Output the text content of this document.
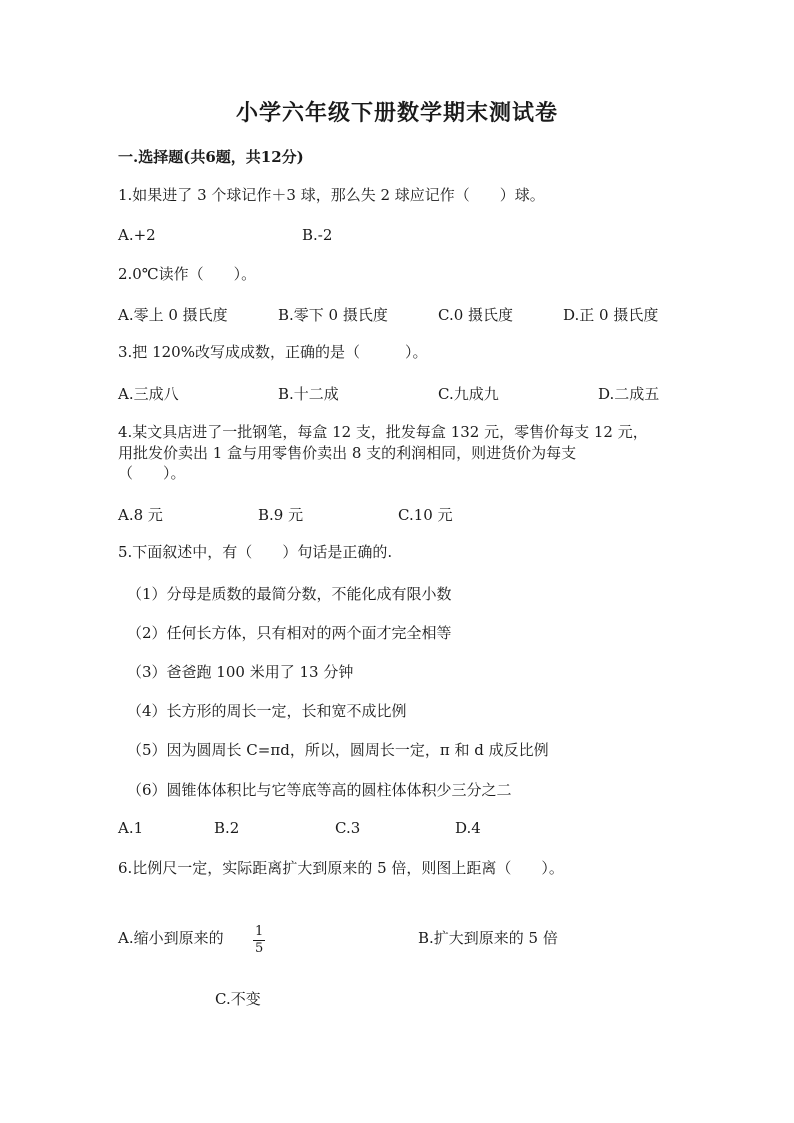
小学六年级下册数学期末测试卷
一.选择题(共6题，共12分)
1.如果进了 3 个球记作＋3 球，那么失 2 球应记作（　　）球。
A.+2	B.-2
2.0℃读作（　　）。
A.零上 0 摄氏度	B.零下 0 摄氏度	C.0 摄氏度	D.正 0 摄氏度
3.把 120%改写成成数，正确的是（　　　）。
A.三成八	B.十二成	C.九成九	D.二成五
4.某文具店进了一批钢笔，每盒 12 支，批发每盒 132 元，零售价每支 12 元，
用批发价卖出 1 盒与用零售价卖出 8 支的利润相同，则进货价为每支
（　　）。
A.8 元	B.9 元	C.10 元
5.下面叙述中，有（　　）句话是正确的.
（1）分母是质数的最简分数，不能化成有限小数
（2）任何长方体，只有相对的两个面才完全相等
（3）爸爸跑 100 米用了 13 分钟
（4）长方形的周长一定，长和宽不成比例
（5）因为圆周长 C=πd，所以，圆周长一定，π 和 d 成反比例
（6）圆锥体体积比与它等底等高的圆柱体体积少三分之二
A.1	B.2	C.3	D.4
6.比例尺一定，实际距离扩大到原来的 5 倍，则图上距离（　　）。
A.缩小到原来的 $\frac{1}{5}$	B.扩大到原来的 5 倍
C.不变
